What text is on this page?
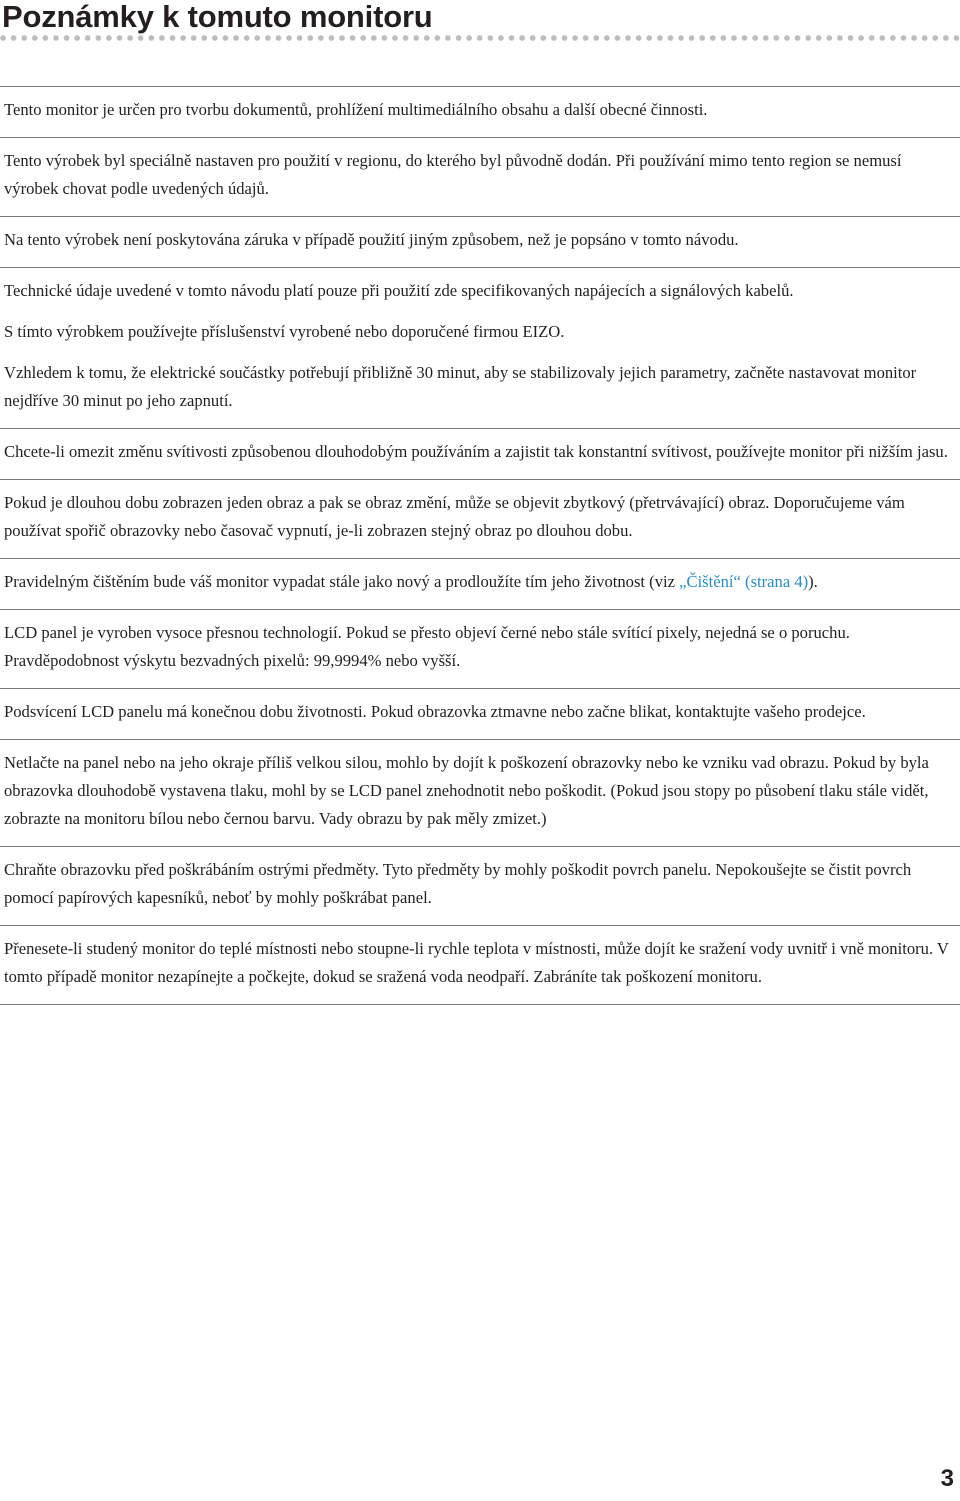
Poznámky k tomuto monitoru

Tento monitor je určen pro tvorbu dokumentů, prohlížení multimediálního obsahu a další obecné činnosti.

Tento výrobek byl speciálně nastaven pro použití v regionu, do kterého byl původně dodán. Při používání mimo tento region se nemusí výrobek chovat podle uvedených údajů.

Na tento výrobek není poskytována záruka v případě použití jiným způsobem, než je popsáno v tomto návodu.

Technické údaje uvedené v tomto návodu platí pouze při použití zde specifikovaných napájecích a signálových kabelů.

S tímto výrobkem používejte příslušenství vyrobené nebo doporučené firmou EIZO.

Vzhledem k tomu, že elektrické součástky potřebují přibližně 30 minut, aby se stabilizovaly jejich parametry, začněte nastavovat monitor nejdříve 30 minut po jeho zapnutí.

Chcete-li omezit změnu svítivosti způsobenou dlouhodobým používáním a zajistit tak konstantní svítivost, používejte monitor při nižším jasu.

Pokud je dlouhou dobu zobrazen jeden obraz a pak se obraz změní, může se objevit zbytkový (přetrvávající) obraz. Doporučujeme vám používat spořič obrazovky nebo časovač vypnutí, je-li zobrazen stejný obraz po dlouhou dobu.

Pravidelným čištěním bude váš monitor vypadat stále jako nový a prodloužíte tím jeho životnost (viz „Čištění“ (strana 4)).

LCD panel je vyroben vysoce přesnou technologií. Pokud se přesto objeví černé nebo stále svítící pixely, nejedná se o poruchu. Pravděpodobnost výskytu bezvadných pixelů: 99,9994% nebo vyšší.

Podsvícení LCD panelu má konečnou dobu životnosti. Pokud obrazovka ztmavne nebo začne blikat, kontaktujte vašeho prodejce.

Netlačte na panel nebo na jeho okraje příliš velkou silou, mohlo by dojít k poškození obrazovky nebo ke vzniku vad obrazu. Pokud by byla obrazovka dlouhodobě vystavena tlaku, mohl by se LCD panel znehodnotit nebo poškodit. (Pokud jsou stopy po působení tlaku stále vidět, zobrazte na monitoru bílou nebo černou barvu. Vady obrazu by pak měly zmizet.)

Chraňte obrazovku před poškrábáním ostrými předměty. Tyto předměty by mohly poškodit povrch panelu. Nepokoušejte se čistit povrch pomocí papírových kapesníků, neboť by mohly poškrábat panel.

Přenesete-li studený monitor do teplé místnosti nebo stoupne-li rychle teplota v místnosti, může dojít ke sražení vody uvnitř i vně monitoru. V tomto případě monitor nezapínejte a počkejte, dokud se sražená voda neodpaří. Zabráníte tak poškození monitoru.

3
